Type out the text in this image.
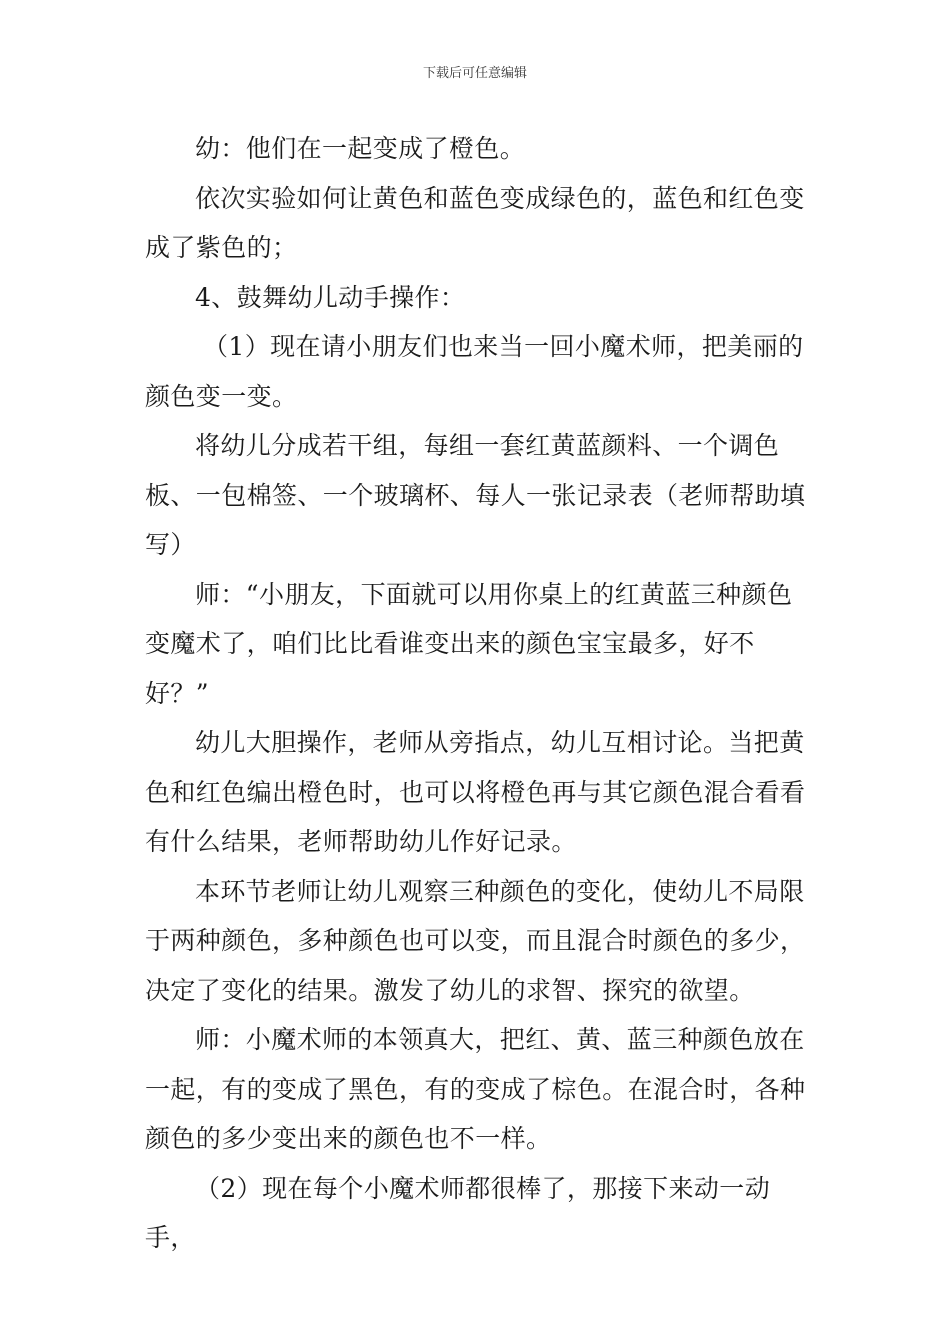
下载后可任意编辑

幼：他们在一起变成了橙色。

依次实验如何让黄色和蓝色变成绿色的，蓝色和红色变成了紫色的；

4、鼓舞幼儿动手操作：

（1）现在请小朋友们也来当一回小魔术师，把美丽的颜色变一变。

将幼儿分成若干组，每组一套红黄蓝颜料、一个调色板、一包棉签、一个玻璃杯、每人一张记录表（老师帮助填写）

师：“小朋友，下面就可以用你桌上的红黄蓝三种颜色变魔术了，咱们比比看谁变出来的颜色宝宝最多，好不好？”

幼儿大胆操作，老师从旁指点，幼儿互相讨论。当把黄色和红色编出橙色时，也可以将橙色再与其它颜色混合看看有什么结果，老师帮助幼儿作好记录。

本环节老师让幼儿观察三种颜色的变化，使幼儿不局限于两种颜色，多种颜色也可以变，而且混合时颜色的多少，决定了变化的结果。激发了幼儿的求智、探究的欲望。

师：小魔术师的本领真大，把红、黄、蓝三种颜色放在一起，有的变成了黑色，有的变成了棕色。在混合时，各种颜色的多少变出来的颜色也不一样。

（2）现在每个小魔术师都很棒了，那接下来动一动手，
